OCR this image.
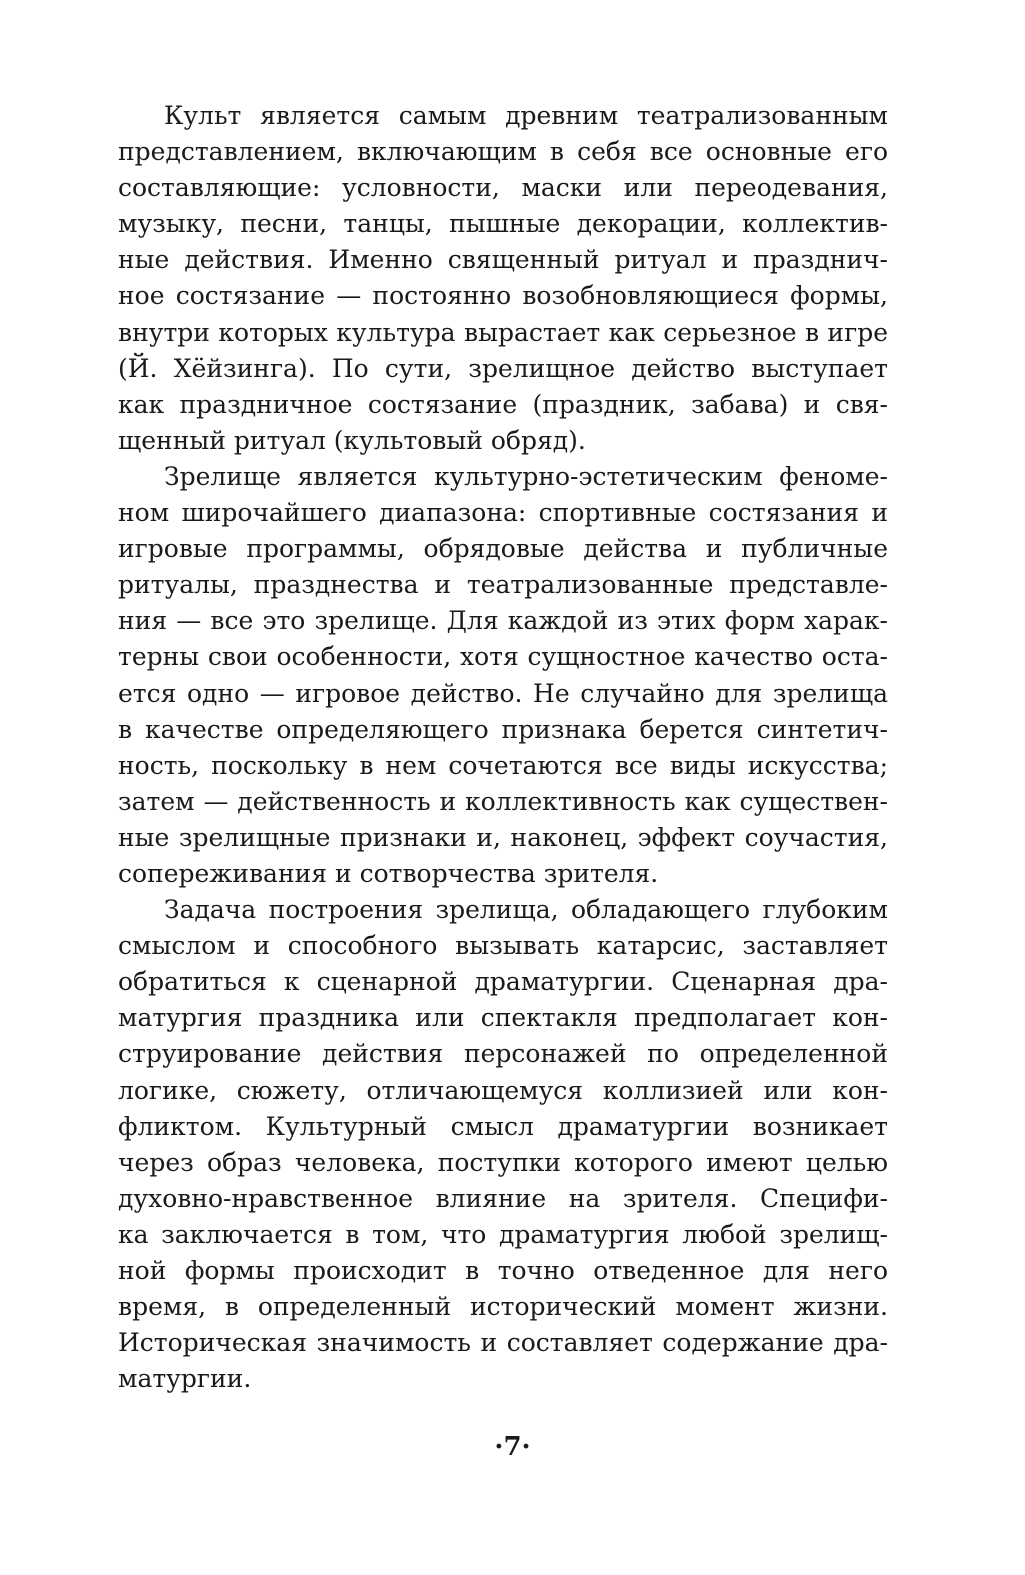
Культ является самым древним театрализованным
представлением, включающим в себя все основные его
составляющие: условности, маски или переодевания,
музыку, песни, танцы, пышные декорации, коллектив-
ные действия. Именно священный ритуал и празднич-
ное состязание — постоянно возобновляющиеся формы,
внутри которых культура вырастает как серьезное в игре
(Й. Хёйзинга). По сути, зрелищное действо выступает
как праздничное состязание (праздник, забава) и свя-
щенный ритуал (культовый обряд).
Зрелище является культурно-эстетическим феноме-
ном широчайшего диапазона: спортивные состязания и
игровые программы, обрядовые действа и публичные
ритуалы, празднества и театрализованные представле-
ния — все это зрелище. Для каждой из этих форм харак-
терны свои особенности, хотя сущностное качество оста-
ется одно — игровое действо. Не случайно для зрелища
в качестве определяющего признака берется синтетич-
ность, поскольку в нем сочетаются все виды искусства;
затем — действенность и коллективность как существен-
ные зрелищные признаки и, наконец, эффект соучастия,
сопереживания и сотворчества зрителя.
Задача построения зрелища, обладающего глубоким
смыслом и способного вызывать катарсис, заставляет
обратиться к сценарной драматургии. Сценарная дра-
матургия праздника или спектакля предполагает кон-
струирование действия персонажей по определенной
логике, сюжету, отличающемуся коллизией или кон-
фликтом. Культурный смысл драматургии возникает
через образ человека, поступки которого имеют целью
духовно-нравственное влияние на зрителя. Специфи-
ка заключается в том, что драматургия любой зрелищ-
ной формы происходит в точно отведенное для него
время, в определенный исторический момент жизни.
Историческая значимость и составляет содержание дра-
матургии.
·7·
